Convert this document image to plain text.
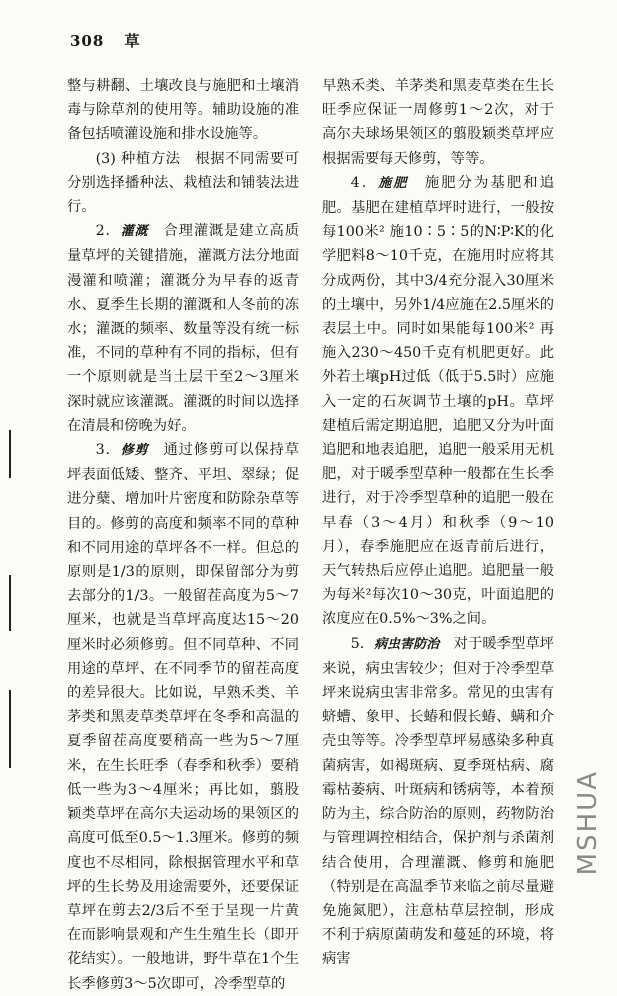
308 草

整与耕翻、土壤改良与施肥和土壤消毒与除草剂的使用等。辅助设施的准备包括喷灌设施和排水设施等。

(3) 种植方法　根据不同需要可分别选择播种法、栽植法和铺装法进行。

2．灌溉　合理灌溉是建立高质量草坪的关键措施，灌溉方法分地面漫灌和喷灌；灌溉分为早春的返青水、夏季生长期的灌溉和人冬前的冻水；灌溉的频率、数量等没有统一标准，不同的草种有不同的指标，但有一个原则就是当土层干至2～3厘米深时就应该灌溉。灌溉的时间以选择在清晨和傍晚为好。

3．修剪　通过修剪可以保持草坪表面低矮、整齐、平坦、翠绿；促进分蘖、增加叶片密度和防除杂草等目的。修剪的高度和频率不同的草种和不同用途的草坪各不一样。但总的原则是1/3的原则，即保留部分为剪去部分的1/3。一般留茬高度为5～7厘米，也就是当草坪高度达15～20厘米时必须修剪。但不同草种、不同用途的草坪、在不同季节的留茬高度的差异很大。比如说，早熟禾类、羊茅类和黑麦草类草坪在冬季和高温的夏季留茬高度要稍高一些为5～7厘米，在生长旺季（春季和秋季）要稍低一些为3～4厘米；再比如，翦股颖类草坪在高尔夫运动场的果领区的高度可低至0.5～1.3厘米。修剪的频度也不尽相同，除根据管理水平和草坪的生长势及用途需要外，还要保证草坪在剪去2/3后不至于呈现一片黄在而影响景观和产生生殖生长（即开花结实）。一般地讲，野牛草在1个生长季修剪3～5次即可，冷季型草的

早熟禾类、羊茅类和黑麦草类在生长旺季应保证一周修剪1～2次，对于高尔夫球场果领区的翦股颖类草坪应根据需要每天修剪，等等。

4．施肥　施肥分为基肥和追肥。基肥在建植草坪时进行，一般按每100米² 施10∶5∶5的N∶P∶K的化学肥料8～10千克，在施用时应将其分成两份，其中3/4充分混入30厘米的土壤中，另外1/4应施在2.5厘米的表层土中。同时如果能每100米² 再施入230～450千克有机肥更好。此外若土壤pH过低（低于5.5时）应施入一定的石灰调节土壤的pH。草坪建植后需定期追肥，追肥又分为叶面追肥和地表追肥，追肥一般采用无机肥，对于暖季型草种一般都在生长季进行，对于冷季型草种的追肥一般在早春（3～4月）和秋季（9～10月），春季施肥应在返青前后进行，天气转热后应停止追肥。追肥量一般为每米²每次10～30克，叶面追肥的浓度应在0.5%～3%之间。

5．病虫害防治　对于暖季型草坪来说，病虫害较少；但对于冷季型草坪来说病虫害非常多。常见的虫害有蛴螬、象甲、长蝽和假长蝽、螨和介壳虫等等。冷季型草坪易感染多种真菌病害，如褐斑病、夏季斑枯病、腐霉枯萎病、叶斑病和锈病等，本着预防为主，综合防治的原则，药物防治与管理调控相结合，保护剂与杀菌剂结合使用，合理灌溉、修剪和施肥（特别是在高温季节来临之前尽量避免施氮肥），注意枯草层控制，形成不利于病原菌萌发和蔓延的环境，将病害

MSHUA
